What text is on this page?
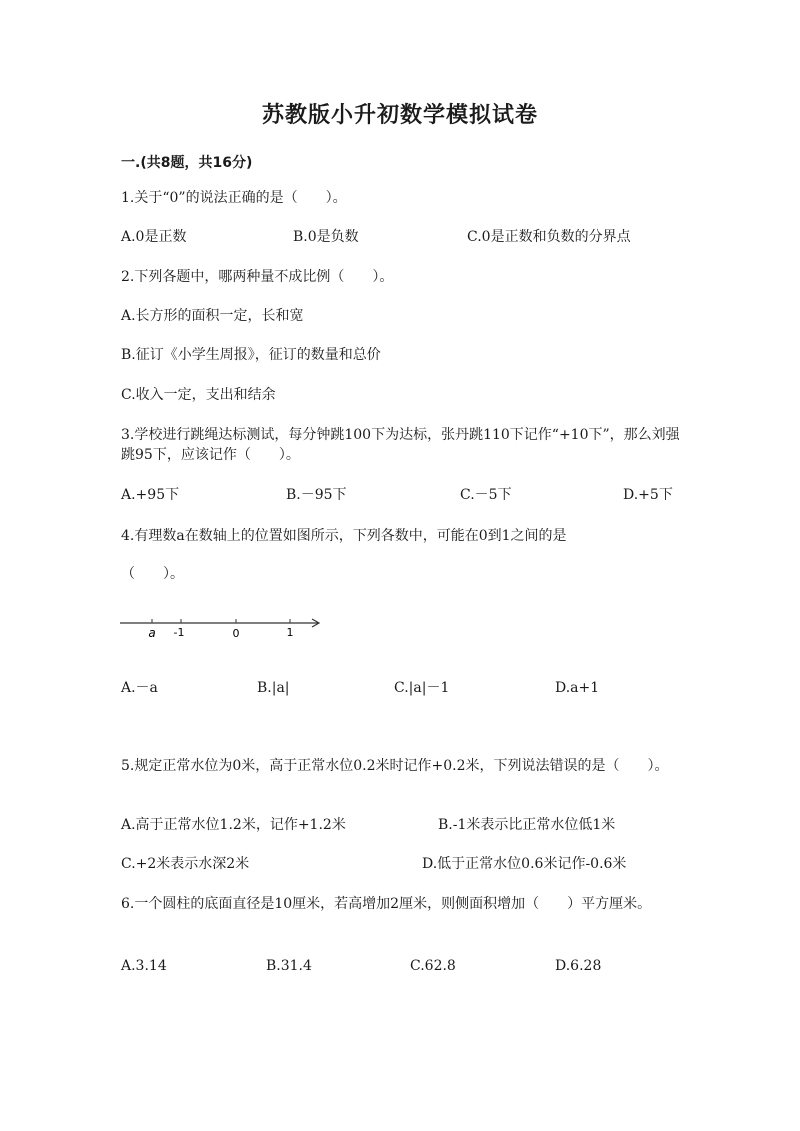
苏教版小升初数学模拟试卷
一.(共8题，共16分)
1.关于“0”的说法正确的是（　　）。
A.0是正数	B.0是负数	C.0是正数和负数的分界点
2.下列各题中，哪两种量不成比例（　　）。
A.长方形的面积一定，长和宽
B.征订《小学生周报》，征订的数量和总价
C.收入一定，支出和结余
3.学校进行跳绳达标测试，每分钟跳100下为达标，张丹跳110下记作“+10下”，那么刘强跳95下，应该记作（　　）。
A.+95下	B.－95下	C.－5下	D.+5下
4.有理数a在数轴上的位置如图所示，下列各数中，可能在0到1之间的是
（　　）。
a -1	0	1
A.－a	B.|a|	C.|a|－1	D.a+1
5.规定正常水位为0米，高于正常水位0.2米时记作+0.2米，下列说法错误的是（　　）。
A.高于正常水位1.2米，记作+1.2米	B.-1米表示比正常水位低1米
C.+2米表示水深2米	D.低于正常水位0.6米记作-0.6米
6.一个圆柱的底面直径是10厘米，若高增加2厘米，则侧面积增加（　　）平方厘米。
A.3.14	B.31.4	C.62.8	D.6.28
